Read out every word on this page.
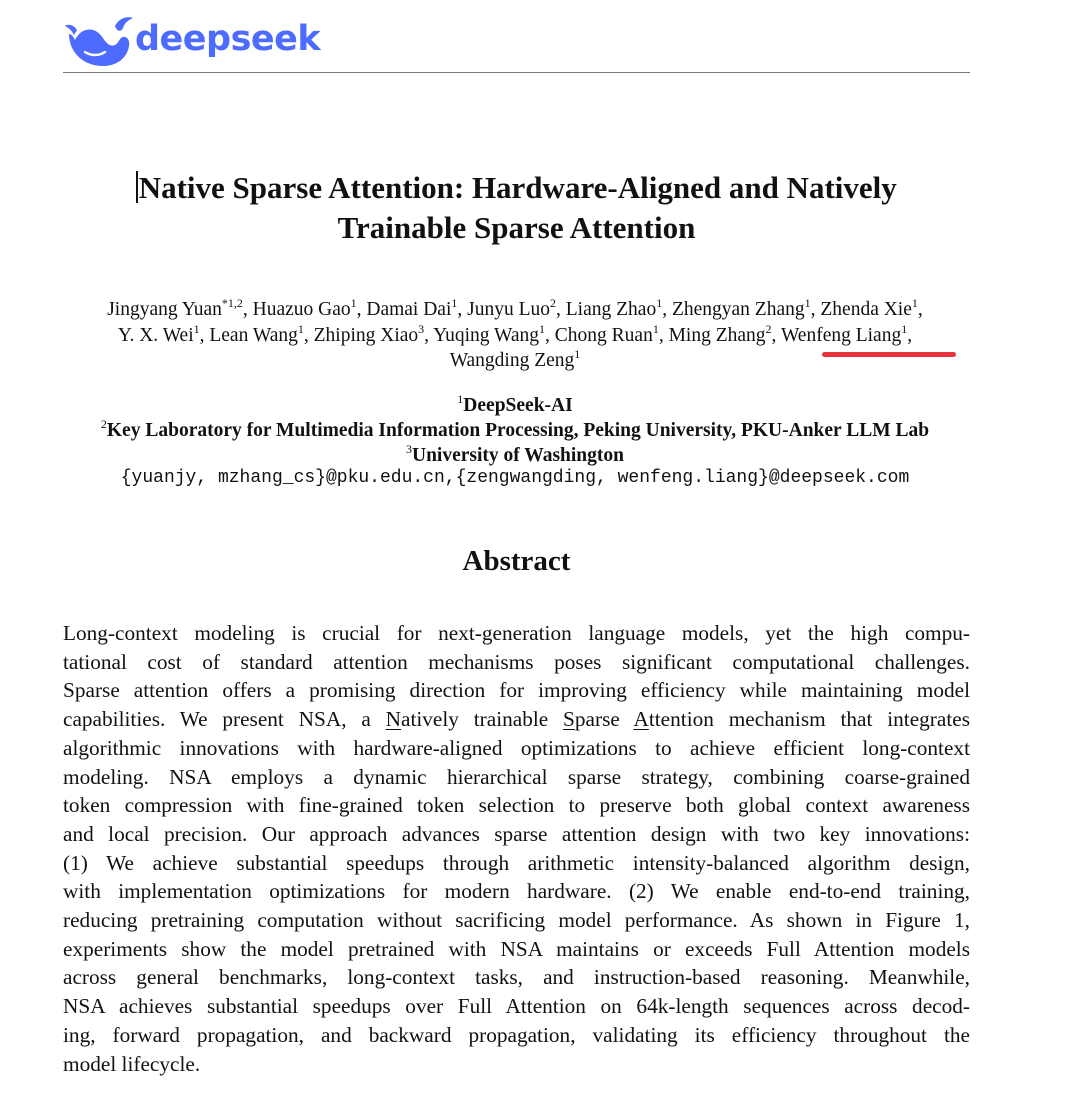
deepseek
Native Sparse Attention: Hardware-Aligned and Natively
Trainable Sparse Attention
Jingyang Yuan$^{*1,2}$, Huazuo Gao$^1$, Damai Dai$^1$, Junyu Luo$^2$, Liang Zhao$^1$, Zhengyan Zhang$^1$, Zhenda Xie$^1$,
Y. X. Wei$^1$, Lean Wang$^1$, Zhiping Xiao$^3$, Yuqing Wang$^1$, Chong Ruan$^1$, Ming Zhang$^2$, Wenfeng Liang$^1$,
Wangding Zeng$^1$
$^1$DeepSeek-AI
$^2$Key Laboratory for Multimedia Information Processing, Peking University, PKU-Anker LLM Lab
$^3$University of Washington
{yuanjy, mzhang_cs}@pku.edu.cn,{zengwangding, wenfeng.liang}@deepseek.com
Abstract
Long-context modeling is crucial for next-generation language models, yet the high compu-
tational cost of standard attention mechanisms poses significant computational challenges.
Sparse attention offers a promising direction for improving efficiency while maintaining model
capabilities. We present NSA, a Natively trainable Sparse Attention mechanism that integrates
algorithmic innovations with hardware-aligned optimizations to achieve efficient long-context
modeling. NSA employs a dynamic hierarchical sparse strategy, combining coarse-grained
token compression with fine-grained token selection to preserve both global context awareness
and local precision. Our approach advances sparse attention design with two key innovations:
(1) We achieve substantial speedups through arithmetic intensity-balanced algorithm design,
with implementation optimizations for modern hardware. (2) We enable end-to-end training,
reducing pretraining computation without sacrificing model performance. As shown in Figure 1,
experiments show the model pretrained with NSA maintains or exceeds Full Attention models
across general benchmarks, long-context tasks, and instruction-based reasoning. Meanwhile,
NSA achieves substantial speedups over Full Attention on 64k-length sequences across decod-
ing, forward propagation, and backward propagation, validating its efficiency throughout the
model lifecycle.
